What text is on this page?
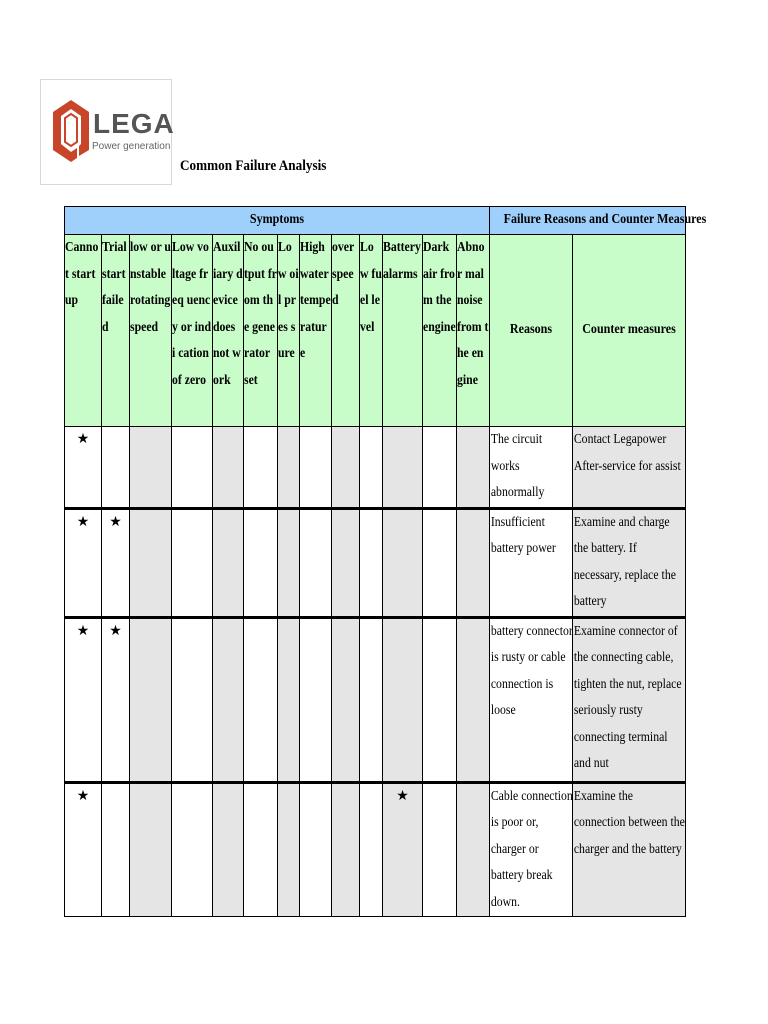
LEGA
Power generation
Common Failure Analysis
Symptoms													Failure Reasons and Counter Measures	

Cannot start up	Trial start failed	low or unstable rotating speed	Low voltage freq uency or indi cation of zero	Auxil iary device does not work	No output from the gene rator set	Low oil pres sure	High water tempe rature	over speed	Low fuel level	Battery alarms	Dark air from the engine	Abnor mal noise from the engine	Reasons	Counter measures

★													The circuit works abnormally	Contact Legapower After-service for assist

★	★												Insufficient battery power	Examine and charge the battery. If necessary, replace the battery

★	★												battery connector is rusty or cable connection is loose	Examine connector of the connecting cable, tighten the nut, replace seriously rusty connecting terminal and nut

★										★			Cable connection is poor or, charger or battery break down.	Examine the connection between the charger and the battery
